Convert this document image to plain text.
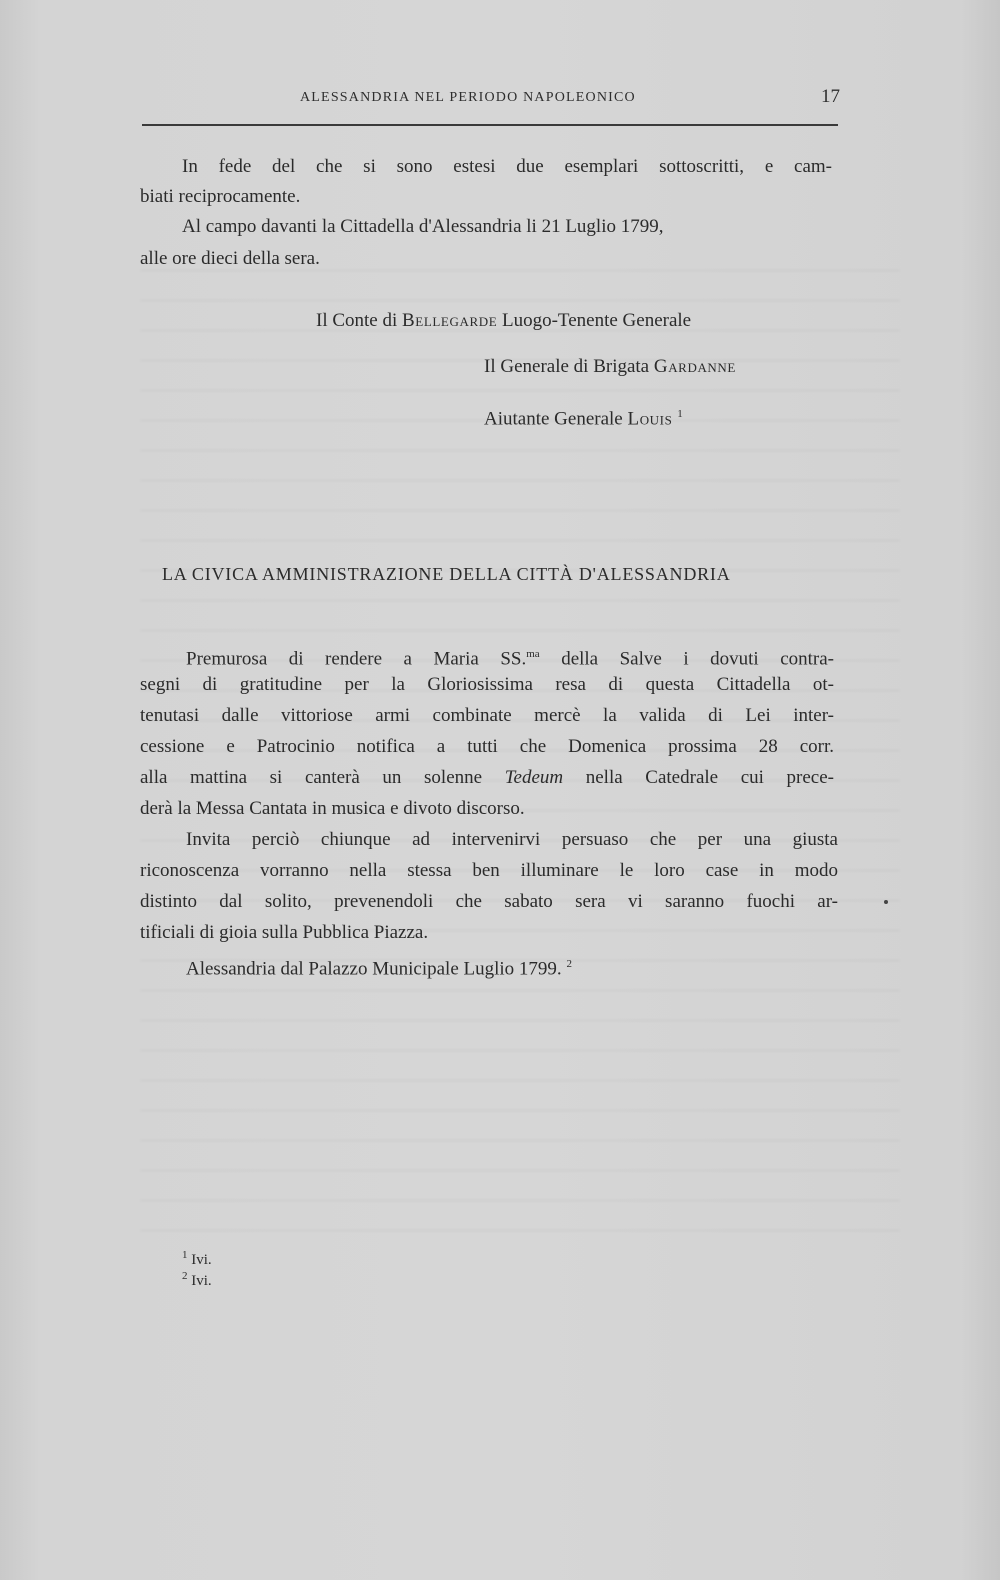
ALESSANDRIA NEL PERIODO NAPOLEONICO	17
In fede del che si sono estesi due esemplari sottoscritti, e cam-
biati reciprocamente.
Al campo davanti la Cittadella d'Alessandria li 21 Luglio 1799,
alle ore dieci della sera.
Il Conte di Bellegarde Luogo-Tenente Generale
Il Generale di Brigata Gardanne
Aiutante Generale Louis $^1$
LA CIVICA AMMINISTRAZIONE DELLA CITTÀ D'ALESSANDRIA
Premurosa di rendere a Maria SS.$^{ma}$ della Salve i dovuti contra-
segni di gratitudine per la Gloriosissima resa di questa Cittadella ot-
tenutasi dalle vittoriose armi combinate mercè la valida di Lei inter-
cessione e Patrocinio notifica a tutti che Domenica prossima 28 corr.
alla mattina si canterà un solenne Tedeum nella Catedrale cui prece-
derà la Messa Cantata in musica e divoto discorso.
Invita perciò chiunque ad intervenirvi persuaso che per una giusta
riconoscenza vorranno nella stessa ben illuminare le loro case in modo
distinto dal solito, prevenendoli che sabato sera vi saranno fuochi ar-
tificiali di gioia sulla Pubblica Piazza.
Alessandria dal Palazzo Municipale Luglio 1799. $^2$
$^1$ Ivi.
$^2$ Ivi.
